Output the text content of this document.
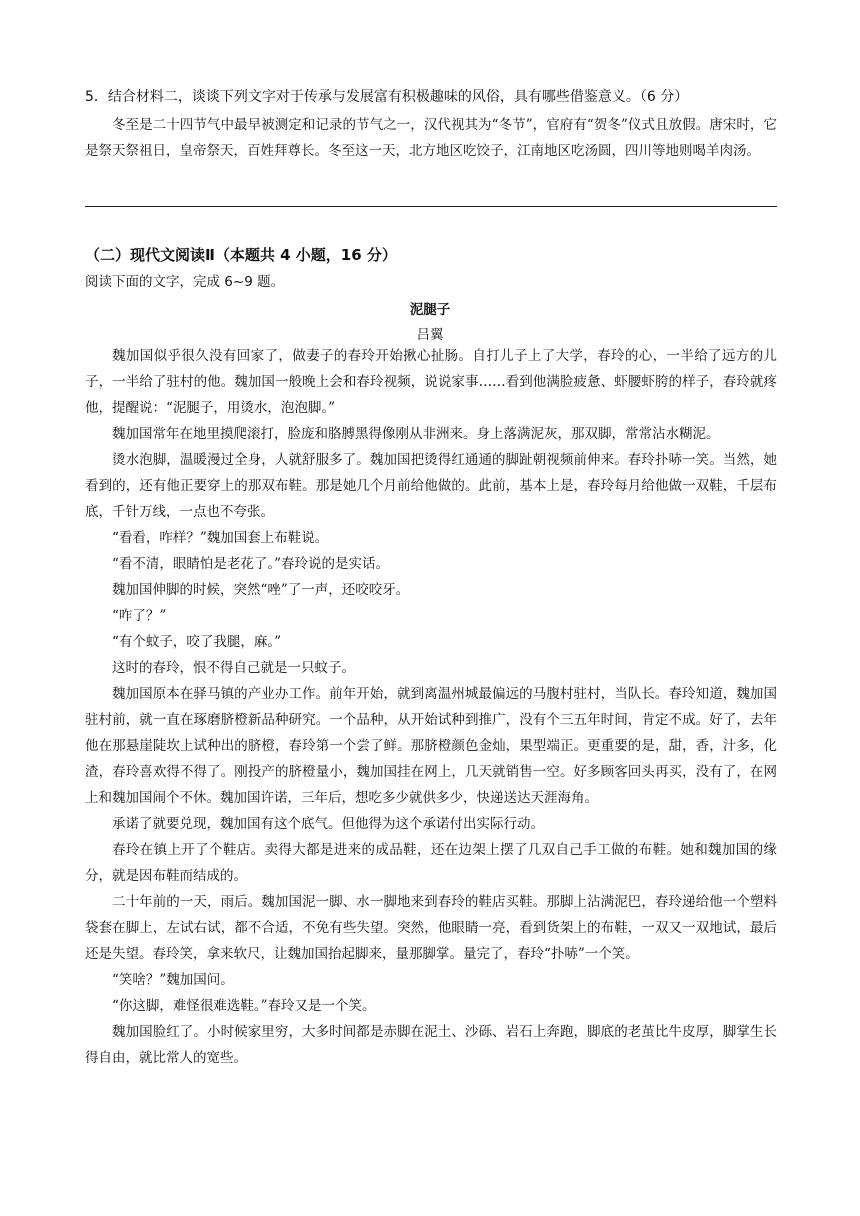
5．结合材料二，谈谈下列文字对于传承与发展富有积极趣味的风俗，具有哪些借鉴意义。（6 分）

冬至是二十四节气中最早被测定和记录的节气之一，汉代视其为“冬节”，官府有“贺冬”仪式且放假。唐宋时，它是祭天祭祖日，皇帝祭天，百姓拜尊长。冬至这一天，北方地区吃饺子，江南地区吃汤圆，四川等地则喝羊肉汤。

（二）现代文阅读Ⅱ（本题共 4 小题，16 分）
阅读下面的文字，完成 6~9 题。
泥腿子
吕翼

魏加国似乎很久没有回家了，做妻子的春玲开始揪心扯肠。自打儿子上了大学，春玲的心，一半给了远方的儿子，一半给了驻村的他。魏加国一般晚上会和春玲视频，说说家事……看到他满脸疲惫、虾腰虾胯的样子，春玲就疼他，提醒说：“泥腿子，用烫水，泡泡脚。”

魏加国常年在地里摸爬滚打，脸庞和胳膊黑得像刚从非洲来。身上落满泥灰，那双脚，常常沾水糊泥。

烫水泡脚，温暖漫过全身，人就舒服多了。魏加国把烫得红通通的脚趾朝视频前伸来。春玲扑哧一笑。当然，她看到的，还有他正要穿上的那双布鞋。那是她几个月前给他做的。此前，基本上是，春玲每月给他做一双鞋，千层布底，千针万线，一点也不夸张。

“看看，咋样？”魏加国套上布鞋说。

“看不清，眼睛怕是老花了。”春玲说的是实话。

魏加国伸脚的时候，突然“唑”了一声，还咬咬牙。

“咋了？”

“有个蚊子，咬了我腿，麻。”

这时的春玲，恨不得自己就是一只蚊子。

魏加国原本在驿马镇的产业办工作。前年开始，就到离温州城最偏远的马腹村驻村，当队长。春玲知道，魏加国驻村前，就一直在琢磨脐橙新品种研究。一个品种，从开始试种到推广，没有个三五年时间，肯定不成。好了，去年他在那悬崖陡坎上试种出的脐橙，春玲第一个尝了鲜。那脐橙颜色金灿，果型端正。更重要的是，甜，香，汁多，化渣，春玲喜欢得不得了。刚投产的脐橙量小，魏加国挂在网上，几天就销售一空。好多顾客回头再买，没有了，在网上和魏加国闹个不休。魏加国许诺，三年后，想吃多少就供多少，快递送达天涯海角。

承诺了就要兑现，魏加国有这个底气。但他得为这个承诺付出实际行动。

春玲在镇上开了个鞋店。卖得大都是进来的成品鞋，还在边架上摆了几双自己手工做的布鞋。她和魏加国的缘分，就是因布鞋而结成的。

二十年前的一天，雨后。魏加国泥一脚、水一脚地来到春玲的鞋店买鞋。那脚上沾满泥巴，春玲递给他一个塑料袋套在脚上，左试右试，都不合适，不免有些失望。突然，他眼睛一亮，看到货架上的布鞋，一双又一双地试，最后还是失望。春玲笑，拿来软尺，让魏加国抬起脚来，量那脚掌。量完了，春玲“扑哧”一个笑。

“笑啥？”魏加国问。

“你这脚，难怪很难选鞋。”春玲又是一个笑。

魏加国脸红了。小时候家里穷，大多时间都是赤脚在泥土、沙砾、岩石上奔跑，脚底的老茧比牛皮厚，脚掌生长得自由，就比常人的宽些。
